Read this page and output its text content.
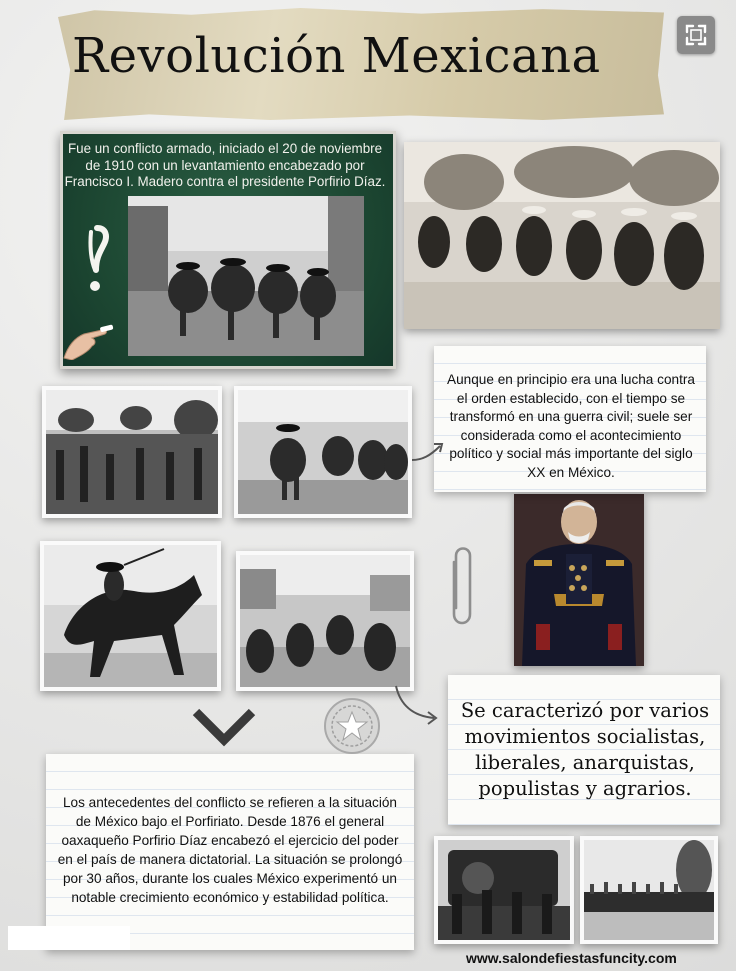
Revolución Mexicana
Fue un conflicto armado, iniciado el 20 de noviembre de 1910 con un levantamiento encabezado por Francisco I. Madero contra el presidente Porfirio Díaz.
Aunque en principio era una lucha contra el orden establecido, con el tiempo se transformó en una guerra civil; suele ser considerada como el acontecimiento político y social más importante del siglo XX en México.
Se caracterizó por varios movimientos socialistas, liberales, anarquistas, populistas y agrarios.
Los antecedentes del conflicto se refieren a la situación de México bajo el Porfiriato. Desde 1876 el general oaxaqueño Porfirio Díaz encabezó el ejercicio del poder en el país de manera dictatorial. La situación se prolongó por 30 años, durante los cuales México experimentó un notable crecimiento económico y estabilidad política.
www.salondefiestasfuncity.com
